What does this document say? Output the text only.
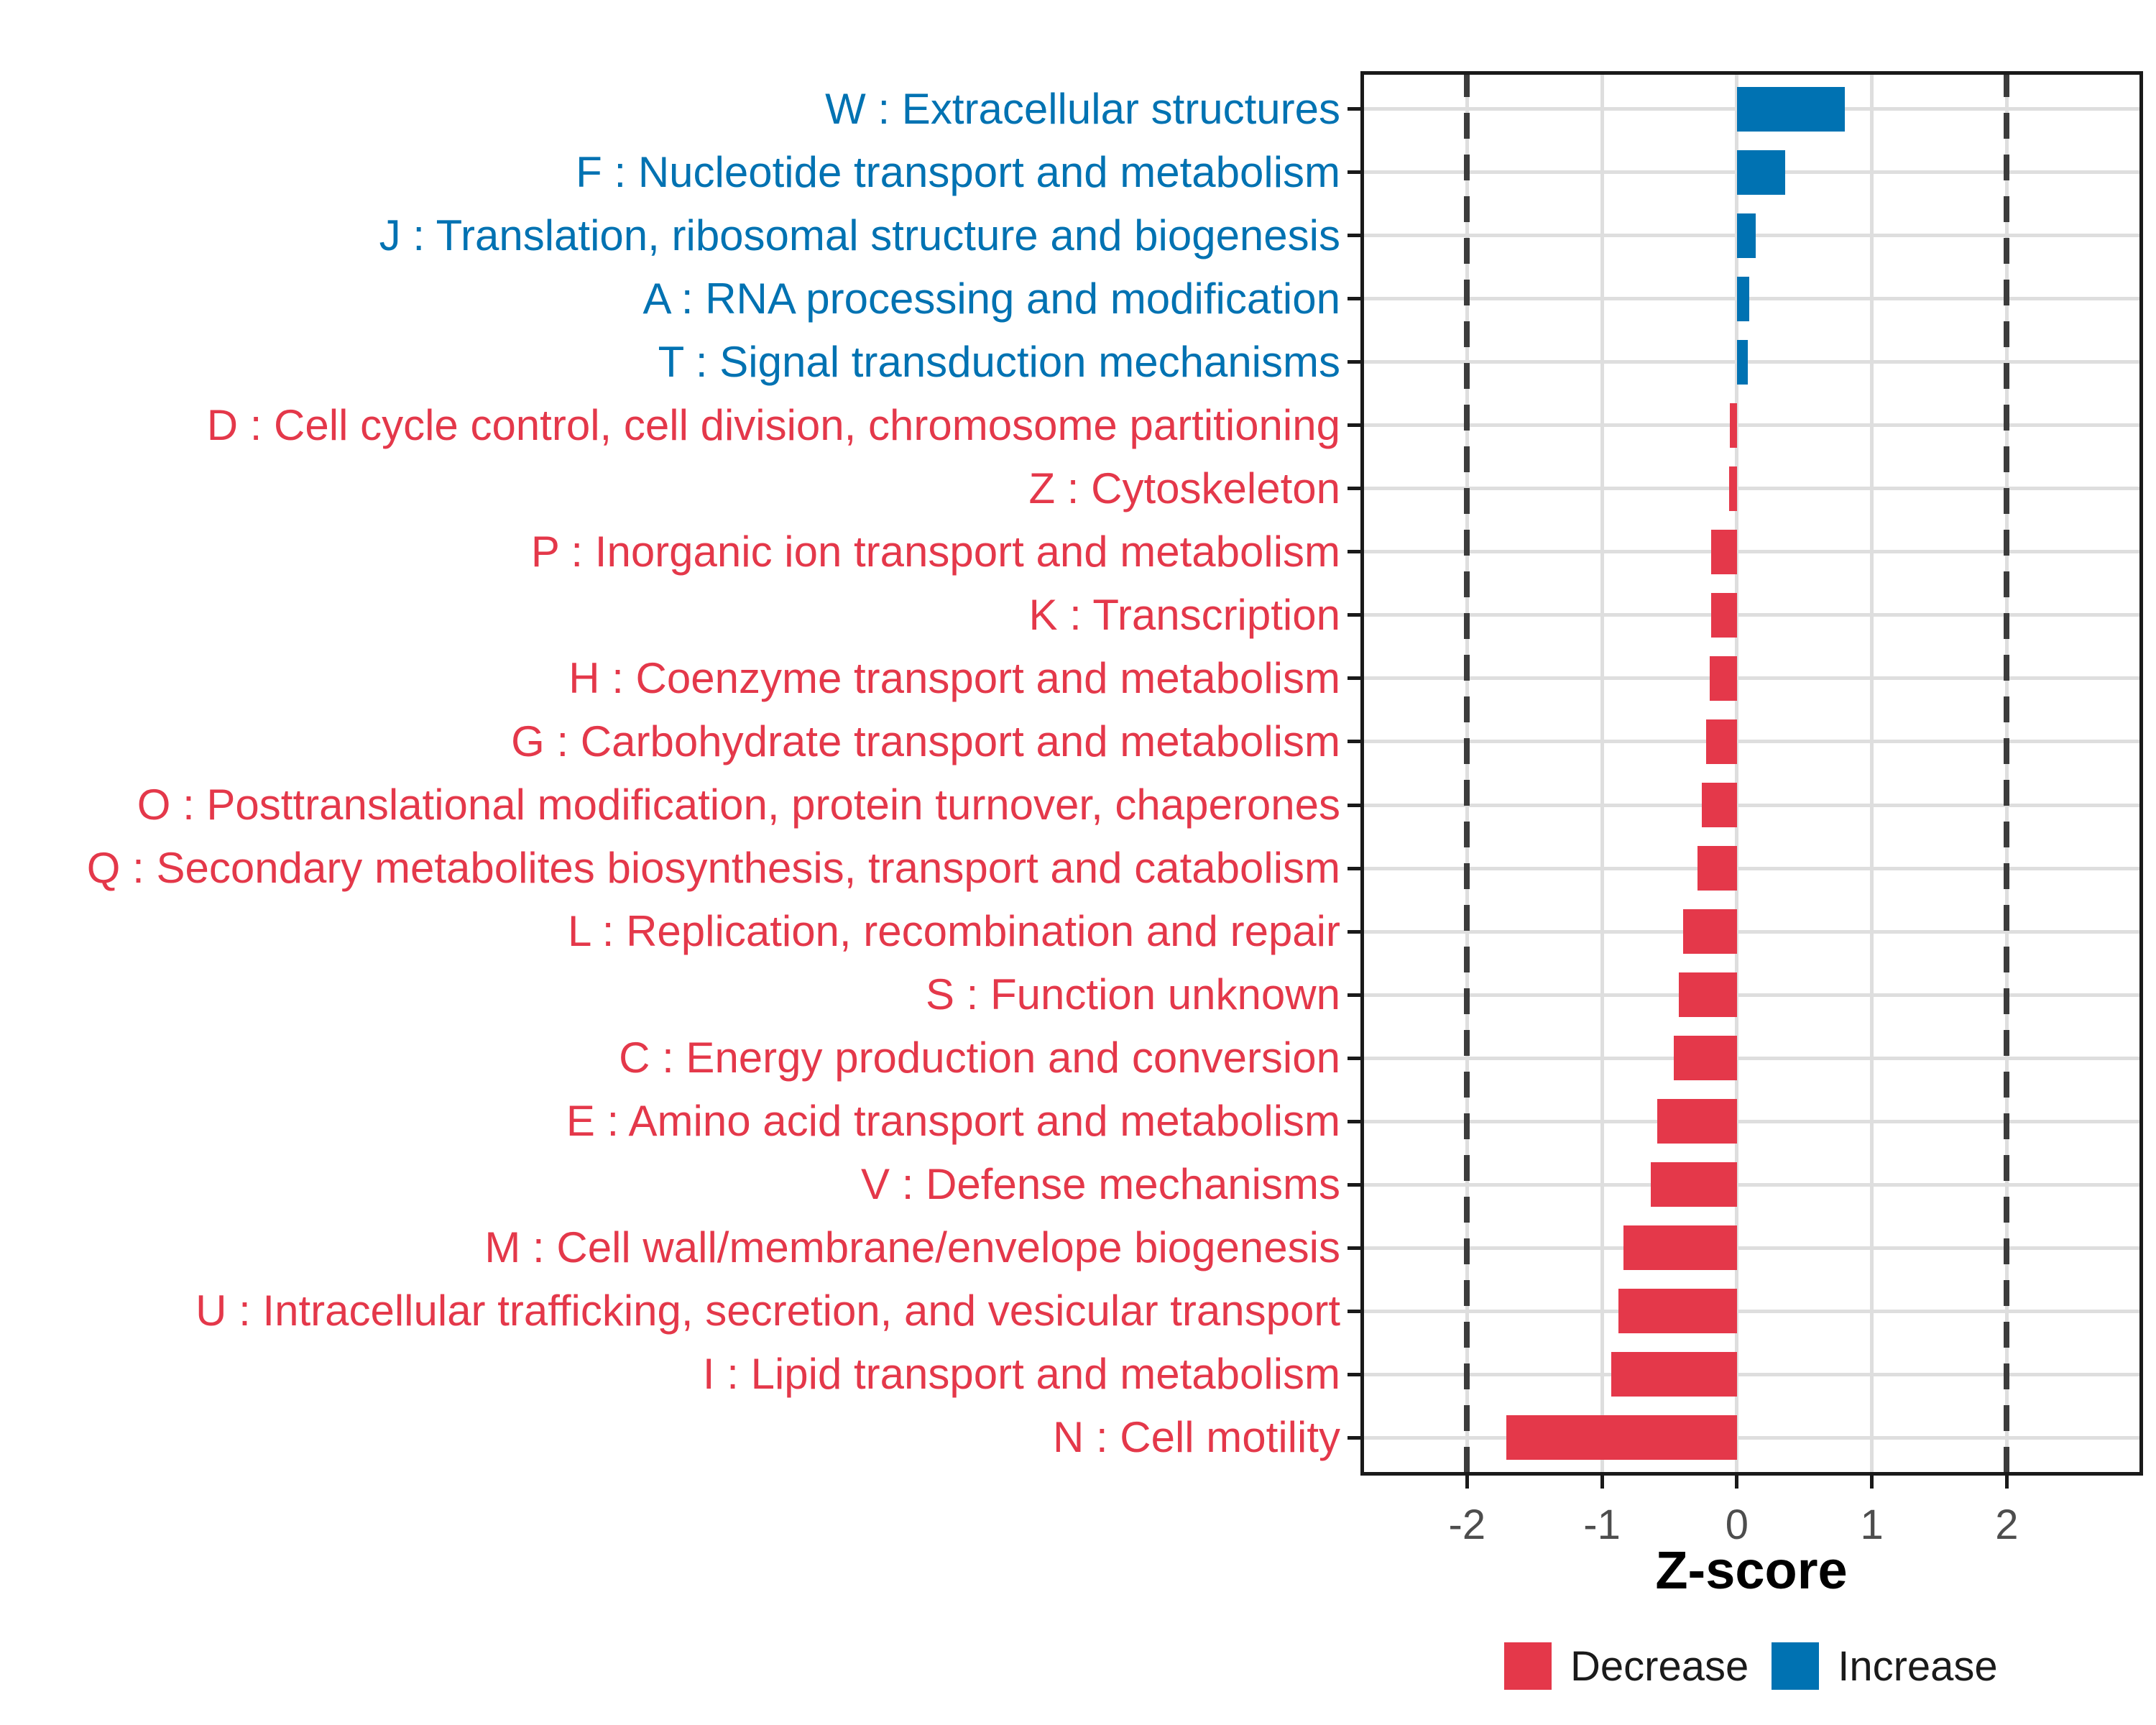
W : Extracellular structures
F : Nucleotide transport and metabolism
J : Translation, ribosomal structure and biogenesis
A : RNA processing and modification
T : Signal transduction mechanisms
D : Cell cycle control, cell division, chromosome partitioning
Z : Cytoskeleton
P : Inorganic ion transport and metabolism
K : Transcription
H : Coenzyme transport and metabolism
G : Carbohydrate transport and metabolism
O : Posttranslational modification, protein turnover, chaperones
Q : Secondary metabolites biosynthesis, transport and catabolism
L : Replication, recombination and repair
S : Function unknown
C : Energy production and conversion
E : Amino acid transport and metabolism
V : Defense mechanisms
M : Cell wall/membrane/envelope biogenesis
U : Intracellular trafficking, secretion, and vesicular transport
I : Lipid transport and metabolism
N : Cell motility
-2	-1	0	1	2
Z-score
Decrease Increase
